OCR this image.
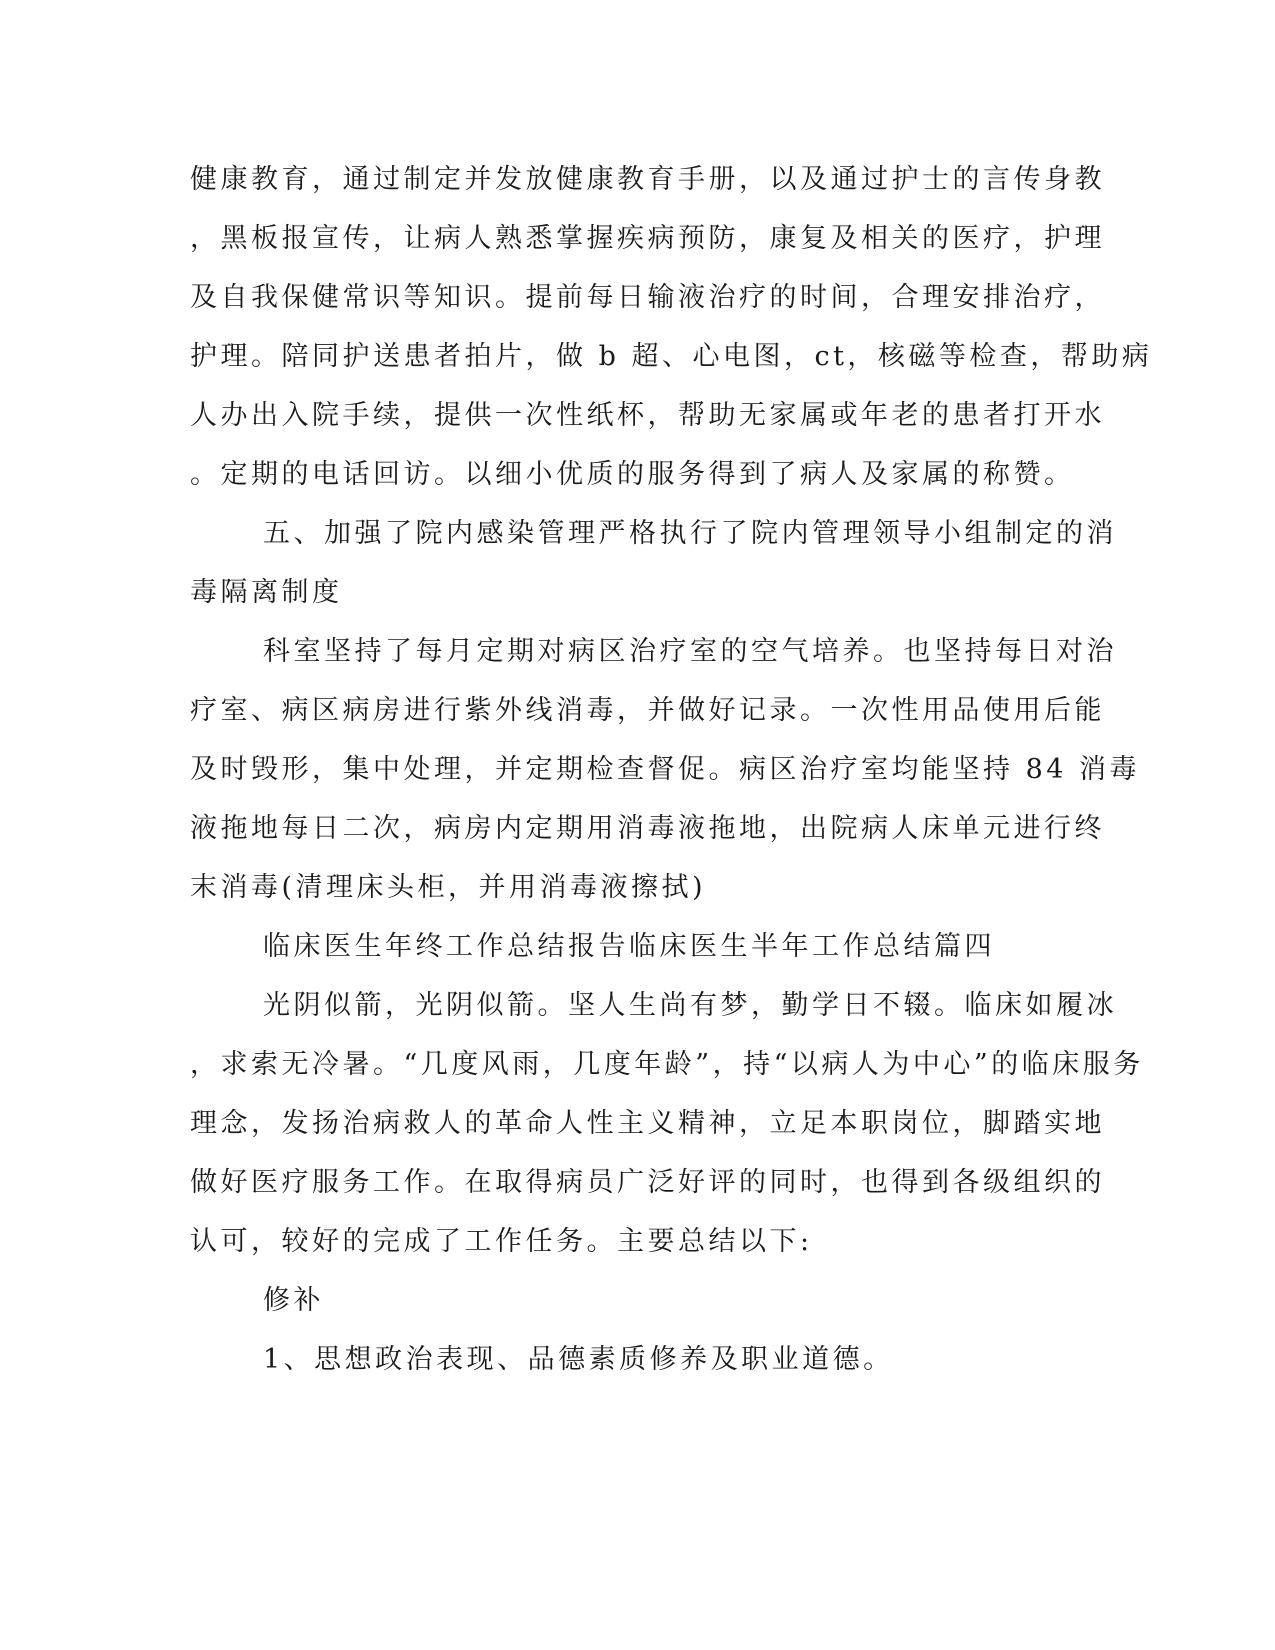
健康教育，通过制定并发放健康教育手册，以及通过护士的言传身教
，黑板报宣传，让病人熟悉掌握疾病预防，康复及相关的医疗，护理
及自我保健常识等知识。提前每日输液治疗的时间，合理安排治疗，
护理。陪同护送患者拍片，做 b 超、心电图，ct，核磁等检查，帮助病
人办出入院手续，提供一次性纸杯，帮助无家属或年老的患者打开水
。定期的电话回访。以细小优质的服务得到了病人及家属的称赞。
五、加强了院内感染管理严格执行了院内管理领导小组制定的消
毒隔离制度
科室坚持了每月定期对病区治疗室的空气培养。也坚持每日对治
疗室、病区病房进行紫外线消毒，并做好记录。一次性用品使用后能
及时毁形，集中处理，并定期检查督促。病区治疗室均能坚持 84 消毒
液拖地每日二次，病房内定期用消毒液拖地，出院病人床单元进行终
末消毒(清理床头柜，并用消毒液擦拭)
临床医生年终工作总结报告临床医生半年工作总结篇四
光阴似箭，光阴似箭。坚人生尚有梦，勤学日不辍。临床如履冰
，求索无冷暑。“几度风雨，几度年龄”，持“以病人为中心”的临床服务
理念，发扬治病救人的革命人性主义精神，立足本职岗位，脚踏实地
做好医疗服务工作。在取得病员广泛好评的同时，也得到各级组织的
认可，较好的完成了工作任务。主要总结以下:
修补
1、思想政治表现、品德素质修养及职业道德。
